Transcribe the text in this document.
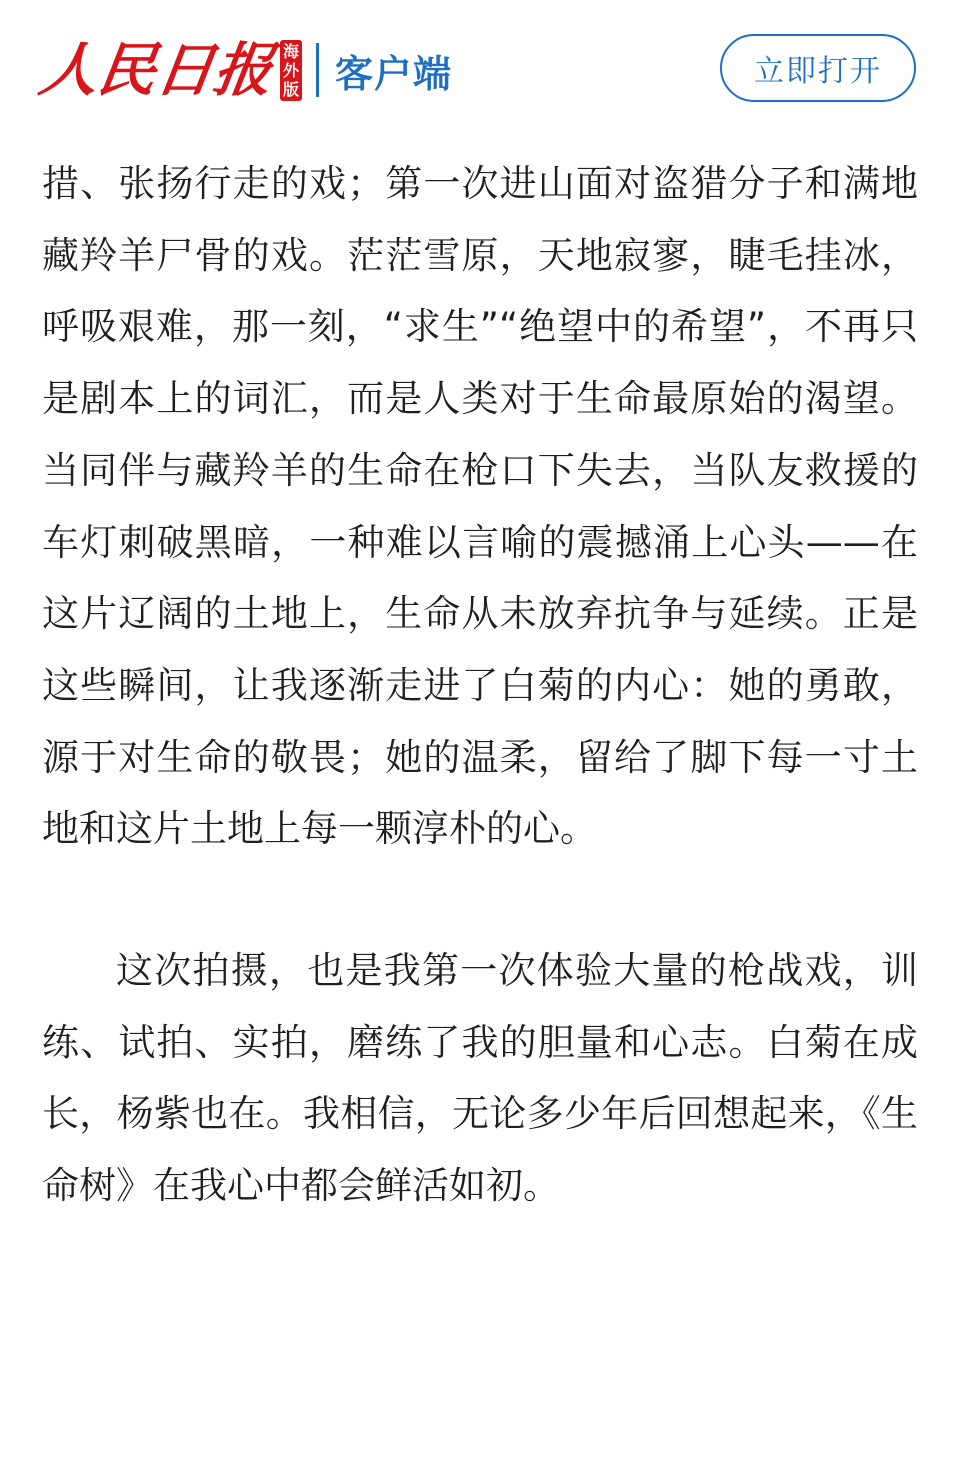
人民日报 海
外
版 客户端	立即打开

措、张扬行走的戏；第一次进山面对盗猎分子和满地藏羚羊尸骨的戏。茫茫雪原，天地寂寥，睫毛挂冰，呼吸艰难，那一刻，“求生”“绝望中的希望”，不再只是剧本上的词汇，而是人类对于生命最原始的渴望。当同伴与藏羚羊的生命在枪口下失去，当队友救援的车灯刺破黑暗，一种难以言喻的震撼涌上心头——在这片辽阔的土地上，生命从未放弃抗争与延续。正是这些瞬间，让我逐渐走进了白菊的内心：她的勇敢，源于对生命的敬畏；她的温柔，留给了脚下每一寸土地和这片土地上每一颗淳朴的心。

这次拍摄，也是我第一次体验大量的枪战戏，训练、试拍、实拍，磨练了我的胆量和心志。白菊在成长，杨紫也在。我相信，无论多少年后回想起来，《生命树》在我心中都会鲜活如初。
